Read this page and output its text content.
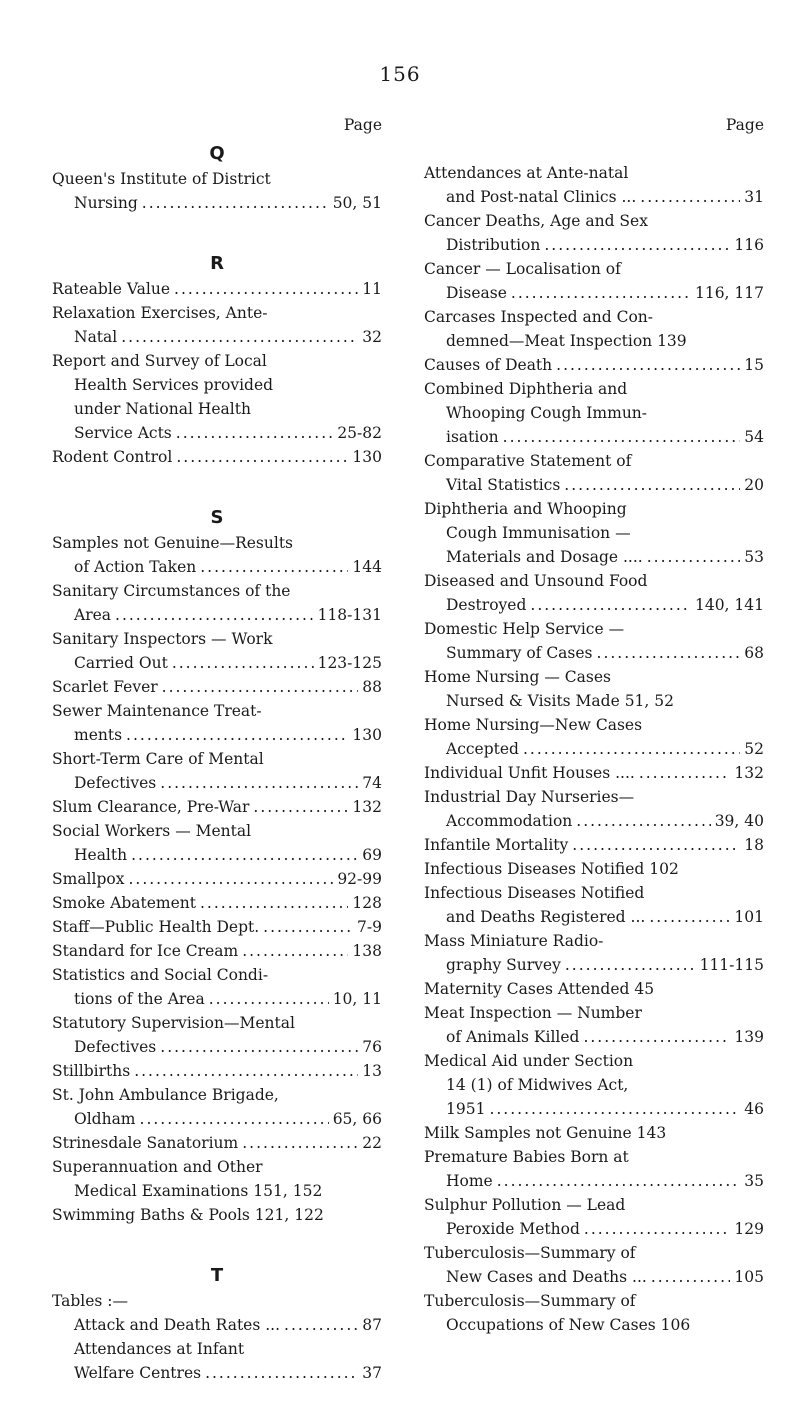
156
Page
Q
Queen's Institute of District
Nursing .....	50, 51
R
Rateable Value .....	11
Relaxation Exercises, Ante-
Natal .....	32
Report and Survey of Local
Health Services provided
under National Health
Service Acts .....	25-82
Rodent Control .....	130
S
Samples not Genuine—Results
of Action Taken .....	144
Sanitary Circumstances of the
Area .....	118-131
Sanitary Inspectors — Work
Carried Out .....	123-125
Scarlet Fever .....	88
Sewer Maintenance Treat-
ments .....	130
Short-Term Care of Mental
Defectives .....	74
Slum Clearance, Pre-War .....	132
Social Workers — Mental
Health .....	69
Smallpox .....	92-99
Smoke Abatement .....	128
Staff—Public Health Dept. .....	7-9
Standard for Ice Cream .....	138
Statistics and Social Condi-
tions of the Area .....	10, 11
Statutory Supervision—Mental
Defectives .....	76
Stillbirths .....	13
St. John Ambulance Brigade,
Oldham .....	65, 66
Strinesdale Sanatorium .....	22
Superannuation and Other
Medical Examinations 151, 152
Swimming Baths & Pools 121, 122
T
Tables :—
Attack and Death Rates ... .....	87
Attendances at Infant
Welfare Centres .....	37
Page
Attendances at Ante-natal
and Post-natal Clinics ... .....	31
Cancer Deaths, Age and Sex
Distribution .....	116
Cancer — Localisation of
Disease .....	116, 117
Carcases Inspected and Con-
demned—Meat Inspection 139
Causes of Death .....	15
Combined Diphtheria and
Whooping Cough Immun-
isation .....	54
Comparative Statement of
Vital Statistics .....	20
Diphtheria and Whooping
Cough Immunisation —
Materials and Dosage .... .....	53
Diseased and Unsound Food
Destroyed .....	140, 141
Domestic Help Service —
Summary of Cases .....	68
Home Nursing — Cases
Nursed & Visits Made 51, 52
Home Nursing—New Cases
Accepted .....	52
Individual Unfit Houses .... .....	132
Industrial Day Nurseries—
Accommodation .....	39, 40
Infantile Mortality .....	18
Infectious Diseases Notified 102
Infectious Diseases Notified
and Deaths Registered ... .....	101
Mass Miniature Radio-
graphy Survey .....	111-115
Maternity Cases Attended 45
Meat Inspection — Number
of Animals Killed .....	139
Medical Aid under Section
14 (1) of Midwives Act,
1951 .....	46
Milk Samples not Genuine 143
Premature Babies Born at
Home .....	35
Sulphur Pollution — Lead
Peroxide Method .....	129
Tuberculosis—Summary of
New Cases and Deaths ... .....	105
Tuberculosis—Summary of
Occupations of New Cases 106
